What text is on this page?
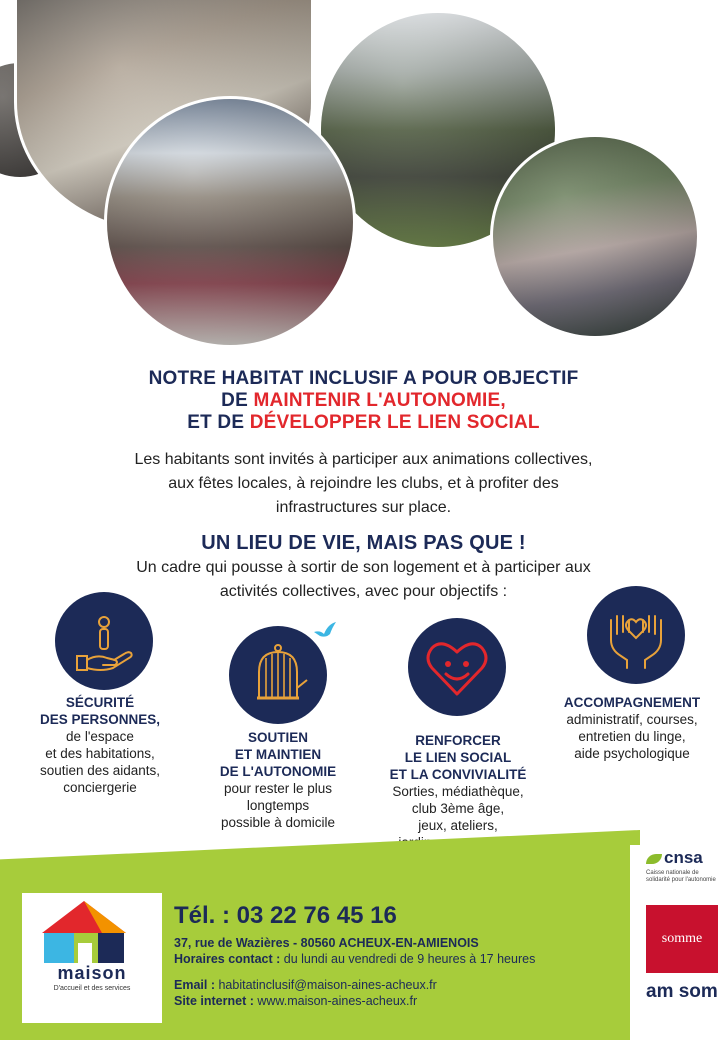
NOTRE HABITAT INCLUSIF A POUR OBJECTIF
DE MAINTENIR L'AUTONOMIE,
ET DE DÉVELOPPER LE LIEN SOCIAL
Les habitants sont invités à participer aux animations collectives,
aux fêtes locales, à rejoindre les clubs, et à profiter des
infrastructures sur place.
UN LIEU DE VIE, MAIS PAS QUE !
Un cadre qui pousse à sortir de son logement et à participer aux
activités collectives, avec pour objectifs :
SÉCURITÉ
DES PERSONNES,
de l'espace
et des habitations,
soutien des aidants,
conciergerie
SOUTIEN
ET MAINTIEN
DE L'AUTONOMIE
pour rester le plus
longtemps
possible à domicile
RENFORCER
LE LIEN SOCIAL
ET LA CONVIVIALITÉ
Sorties, médiathèque,
club 3ème âge,
jeux, ateliers,
ACCOMPAGNEMENT
administratif, courses,
entretien du linge,
aide psychologique
maison
D'accueil et des services
Tél. : 03 22 76 45 16
37, rue de Wazières - 80560 ACHEUX-EN-AMIENOIS
Horaires contact : du lundi au vendredi de 9 heures à 17 heures
Email : habitatinclusif@maison-aines-acheux.fr
Site internet : www.maison-aines-acheux.fr
cnsa
Caisse nationale de solidarité pour l'autonomie
somme
am som
